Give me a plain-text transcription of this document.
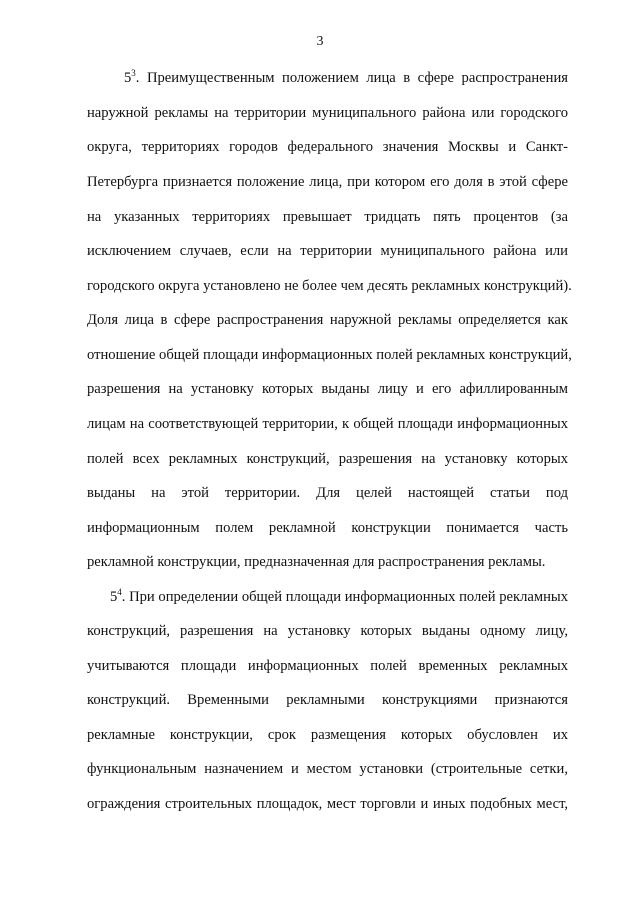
3
$5^3$. Преимущественным положением лица в сфере распространения
наружной рекламы на территории муниципального района или городского
округа, территориях городов федерального значения Москвы и Санкт-
Петербурга признается положение лица, при котором его доля в этой сфере
на указанных территориях превышает тридцать пять процентов (за
исключением случаев, если на территории муниципального района или
городского округа установлено не более чем десять рекламных конструкций).
Доля лица в сфере распространения наружной рекламы определяется как
отношение общей площади информационных полей рекламных конструкций,
разрешения на установку которых выданы лицу и его афиллированным
лицам на соответствующей территории, к общей площади информационных
полей всех рекламных конструкций, разрешения на установку которых
выданы на этой территории. Для целей настоящей статьи под
информационным полем рекламной конструкции понимается часть
рекламной конструкции, предназначенная для распространения рекламы.
$5^4$. При определении общей площади информационных полей рекламных
конструкций, разрешения на установку которых выданы одному лицу,
учитываются площади информационных полей временных рекламных
конструкций. Временными рекламными конструкциями признаются
рекламные конструкции, срок размещения которых обусловлен их
функциональным назначением и местом установки (строительные сетки,
ограждения строительных площадок, мест торговли и иных подобных мест,
